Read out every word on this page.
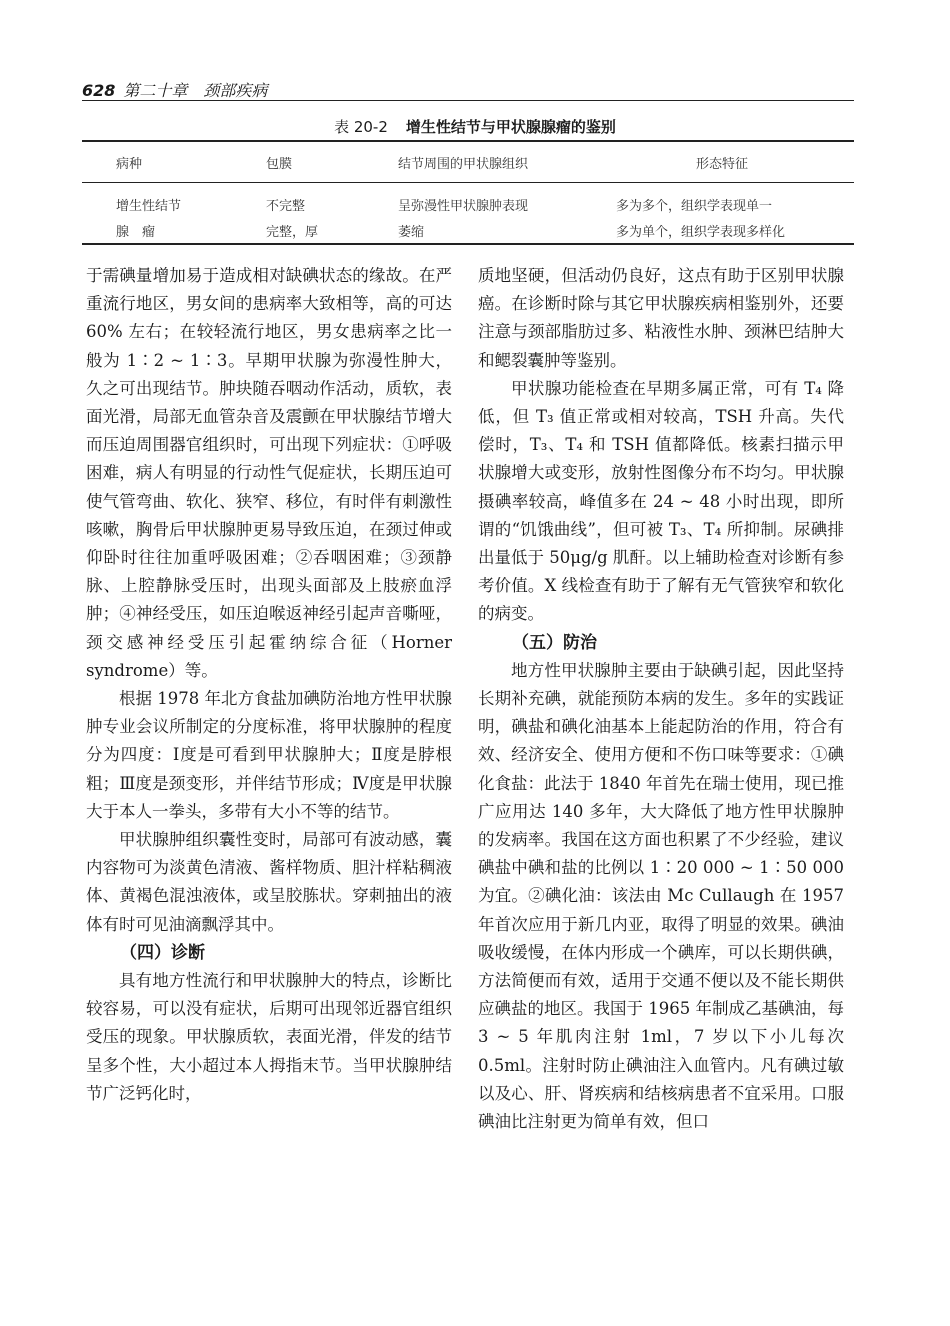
628 第二十章　颈部疾病
表 20-2 增生性结节与甲状腺腺瘤的鉴别
病种	包膜	结节周围的甲状腺组织	形态特征
增生性结节	不完整	呈弥漫性甲状腺肿表现	多为多个，组织学表现单一
腺　瘤	完整，厚	萎缩	多为单个，组织学表现多样化

于需碘量增加易于造成相对缺碘状态的缘故。在严重流行地区，男女间的患病率大致相等，高的可达 60% 左右；在较轻流行地区，男女患病率之比一般为 1∶2 ~ 1∶3。早期甲状腺为弥漫性肿大，久之可出现结节。肿块随吞咽动作活动，质软，表面光滑，局部无血管杂音及震颤在甲状腺结节增大而压迫周围器官组织时，可出现下列症状：①呼吸困难，病人有明显的行动性气促症状，长期压迫可使气管弯曲、软化、狭窄、移位，有时伴有刺激性咳嗽，胸骨后甲状腺肿更易导致压迫，在颈过伸或仰卧时往往加重呼吸困难；②吞咽困难；③颈静脉、上腔静脉受压时，出现头面部及上肢瘀血浮肿；④神经受压，如压迫喉返神经引起声音嘶哑，颈交感神经受压引起霍纳综合征（Horner syndrome）等。

根据 1978 年北方食盐加碘防治地方性甲状腺肿专业会议所制定的分度标准，将甲状腺肿的程度分为四度：Ⅰ度是可看到甲状腺肿大；Ⅱ度是脖根粗；Ⅲ度是颈变形，并伴结节形成；Ⅳ度是甲状腺大于本人一拳头，多带有大小不等的结节。

甲状腺肿组织囊性变时，局部可有波动感，囊内容物可为淡黄色清液、酱样物质、胆汁样粘稠液体、黄褐色混浊液体，或呈胶胨状。穿刺抽出的液体有时可见油滴飘浮其中。

（四）诊断

具有地方性流行和甲状腺肿大的特点，诊断比较容易，可以没有症状，后期可出现邻近器官组织受压的现象。甲状腺质软，表面光滑，伴发的结节呈多个性，大小超过本人拇指末节。当甲状腺肿结节广泛钙化时，

质地坚硬，但活动仍良好，这点有助于区别甲状腺癌。在诊断时除与其它甲状腺疾病相鉴别外，还要注意与颈部脂肪过多、粘液性水肿、颈淋巴结肿大和鳃裂囊肿等鉴别。

甲状腺功能检查在早期多属正常，可有 T₄ 降低，但 T₃ 值正常或相对较高，TSH 升高。失代偿时，T₃、T₄ 和 TSH 值都降低。核素扫描示甲状腺增大或变形，放射性图像分布不均匀。甲状腺摄碘率较高，峰值多在 24 ~ 48 小时出现，即所谓的“饥饿曲线”，但可被 T₃、T₄ 所抑制。尿碘排出量低于 50μg/g 肌酐。以上辅助检查对诊断有参考价值。X 线检查有助于了解有无气管狭窄和软化的病变。

（五）防治

地方性甲状腺肿主要由于缺碘引起，因此坚持长期补充碘，就能预防本病的发生。多年的实践证明，碘盐和碘化油基本上能起防治的作用，符合有效、经济安全、使用方便和不伤口味等要求：①碘化食盐：此法于 1840 年首先在瑞士使用，现已推广应用达 140 多年，大大降低了地方性甲状腺肿的发病率。我国在这方面也积累了不少经验，建议碘盐中碘和盐的比例以 1∶20 000 ~ 1∶50 000为宜。②碘化油：该法由 Mc Cullaugh 在 1957 年首次应用于新几内亚，取得了明显的效果。碘油吸收缓慢，在体内形成一个碘库，可以长期供碘，方法简便而有效，适用于交通不便以及不能长期供应碘盐的地区。我国于 1965 年制成乙基碘油，每 3 ~ 5 年肌肉注射 1ml，7 岁以下小儿每次 0.5ml。注射时防止碘油注入血管内。凡有碘过敏以及心、肝、肾疾病和结核病患者不宜采用。口服碘油比注射更为简单有效，但口
